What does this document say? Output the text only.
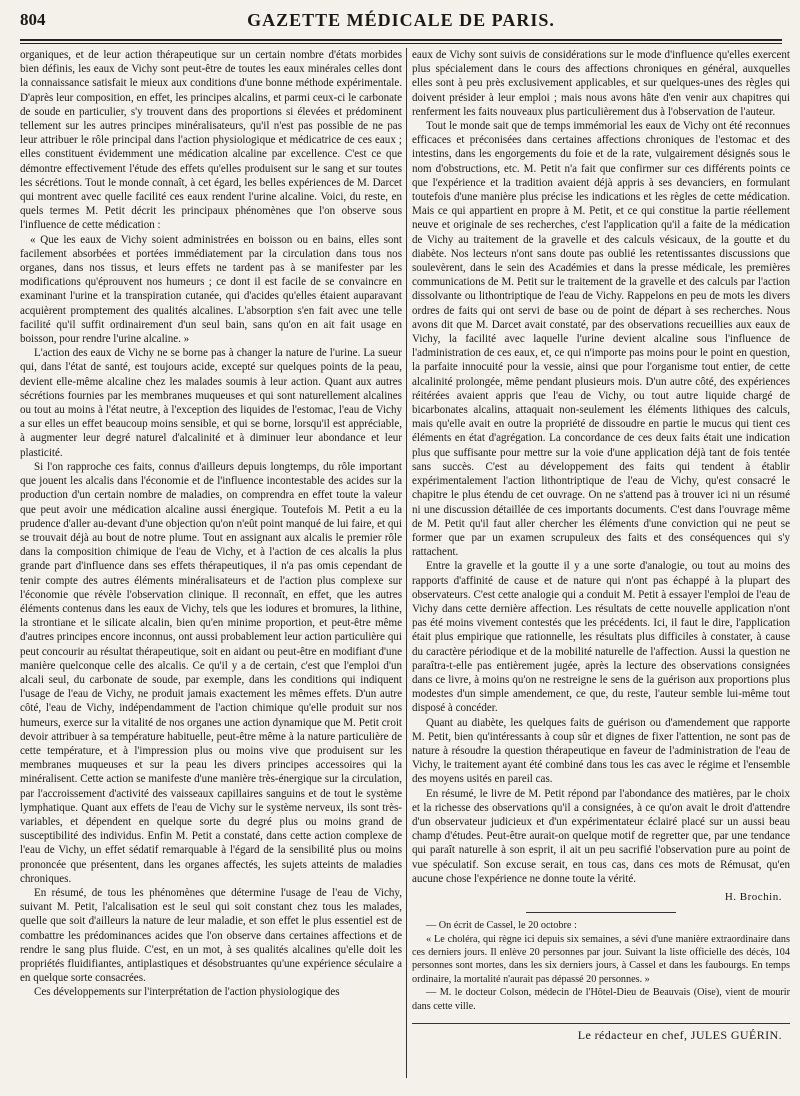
804	GAZETTE MÉDICALE DE PARIS.

organiques, et de leur action thérapeutique sur un certain nombre d'états morbides bien définis, les eaux de Vichy sont peut-être de toutes les eaux minérales celles dont la connaissance satisfait le mieux aux conditions d'une bonne méthode expérimentale. D'après leur composition, en effet, les principes alcalins, et parmi ceux-ci le carbonate de soude en particulier, s'y trouvent dans des proportions si élevées et prédominent tellement sur les autres principes minéralisateurs, qu'il n'est pas possible de ne pas leur attribuer le rôle principal dans l'action physiologique et médicatrice de ces eaux ; elles constituent évidemment une médication alcaline par excellence. C'est ce que démontre effectivement l'étude des effets qu'elles produisent sur le sang et sur toutes les sécrétions. Tout le monde connaît, à cet égard, les belles expériences de M. Darcet qui montrent avec quelle facilité ces eaux rendent l'urine alcaline. Voici, du reste, en quels termes M. Petit décrit les principaux phénomènes que l'on observe sous l'influence de cette médication :

« Que les eaux de Vichy soient administrées en boisson ou en bains, elles sont facilement absorbées et portées immédiatement par la circulation dans tous nos organes, dans nos tissus, et leurs effets ne tardent pas à se manifester par les modifications qu'éprouvent nos humeurs ; ce dont il est facile de se convaincre en examinant l'urine et la transpiration cutanée, qui d'acides qu'elles étaient auparavant acquièrent promptement des qualités alcalines. L'absorption s'en fait avec une telle facilité qu'il suffit ordinairement d'un seul bain, sans qu'on en ait fait usage en boisson, pour rendre l'urine alcaline. »

L'action des eaux de Vichy ne se borne pas à changer la nature de l'urine. La sueur qui, dans l'état de santé, est toujours acide, excepté sur quelques points de la peau, devient elle-même alcaline chez les malades soumis à leur action. Quant aux autres sécrétions fournies par les membranes muqueuses et qui sont naturellement alcalines ou tout au moins à l'état neutre, à l'exception des liquides de l'estomac, l'eau de Vichy a sur elles un effet beaucoup moins sensible, et qui se borne, lorsqu'il est appréciable, à augmenter leur degré naturel d'alcalinité et à diminuer leur abondance et leur plasticité.

Si l'on rapproche ces faits, connus d'ailleurs depuis longtemps, du rôle important que jouent les alcalis dans l'économie et de l'influence incontestable des acides sur la production d'un certain nombre de maladies, on comprendra en effet toute la valeur que peut avoir une médication alcaline aussi énergique. Toutefois M. Petit a eu la prudence d'aller au-devant d'une objection qu'on n'eût point manqué de lui faire, et qui se trouvait déjà au bout de notre plume. Tout en assignant aux alcalis le premier rôle dans la composition chimique de l'eau de Vichy, et à l'action de ces alcalis la plus grande part d'influence dans ses effets thérapeutiques, il n'a pas omis cependant de tenir compte des autres éléments minéralisateurs et de l'action plus complexe sur l'économie que révèle l'observation clinique. Il reconnaît, en effet, que les autres éléments contenus dans les eaux de Vichy, tels que les iodures et bromures, la lithine, la strontiane et le silicate alcalin, bien qu'en minime proportion, et peut-être même d'autres principes encore inconnus, ont aussi probablement leur action particulière qui peut concourir au résultat thérapeutique, soit en aidant ou peut-être en modifiant d'une manière quelconque celle des alcalis. Ce qu'il y a de certain, c'est que l'emploi d'un alcali seul, du carbonate de soude, par exemple, dans les conditions qui indiquent l'usage de l'eau de Vichy, ne produit jamais exactement les mêmes effets. D'un autre côté, l'eau de Vichy, indépendamment de l'action chimique qu'elle produit sur nos humeurs, exerce sur la vitalité de nos organes une action dynamique que M. Petit croit devoir attribuer à sa température habituelle, peut-être même à la nature particulière de cette température, et à l'impression plus ou moins vive que produisent sur les membranes muqueuses et sur la peau les divers principes accessoires qui la minéralisent. Cette action se manifeste d'une manière très-énergique sur la circulation, par l'accroissement d'activité des vaisseaux capillaires sanguins et de tout le système lymphatique. Quant aux effets de l'eau de Vichy sur le système nerveux, ils sont très-variables, et dépendent en quelque sorte du degré plus ou moins grand de susceptibilité des individus. Enfin M. Petit a constaté, dans cette action complexe de l'eau de Vichy, un effet sédatif remarquable à l'égard de la sensibilité plus ou moins prononcée que présentent, dans les organes affectés, les sujets atteints de maladies chroniques.

En résumé, de tous les phénomènes que détermine l'usage de l'eau de Vichy, suivant M. Petit, l'alcalisation est le seul qui soit constant chez tous les malades, quelle que soit d'ailleurs la nature de leur maladie, et son effet le plus essentiel est de combattre les prédominances acides que l'on observe dans certaines affections et de rendre le sang plus fluide. C'est, en un mot, à ses qualités alcalines qu'elle doit les propriétés fluidifiantes, antiplastiques et désobstruantes qu'une expérience séculaire a en quelque sorte consacrées.

Ces développements sur l'interprétation de l'action physiologique des

eaux de Vichy sont suivis de considérations sur le mode d'influence qu'elles exercent plus spécialement dans le cours des affections chroniques en général, auxquelles elles sont à peu près exclusivement applicables, et sur quelques-unes des règles qui doivent présider à leur emploi ; mais nous avons hâte d'en venir aux chapitres qui renferment les faits nouveaux plus particulièrement dus à l'observation de l'auteur.

Tout le monde sait que de temps immémorial les eaux de Vichy ont été reconnues efficaces et préconisées dans certaines affections chroniques de l'estomac et des intestins, dans les engorgements du foie et de la rate, vulgairement désignés sous le nom d'obstructions, etc. M. Petit n'a fait que confirmer sur ces différents points ce que l'expérience et la tradition avaient déjà appris à ses devanciers, en formulant toutefois d'une manière plus précise les indications et les règles de cette médication. Mais ce qui appartient en propre à M. Petit, et ce qui constitue la partie réellement neuve et originale de ses recherches, c'est l'application qu'il a faite de la médication de Vichy au traitement de la gravelle et des calculs vésicaux, de la goutte et du diabète. Nos lecteurs n'ont sans doute pas oublié les retentissantes discussions que soulevèrent, dans le sein des Académies et dans la presse médicale, les premières communications de M. Petit sur le traitement de la gravelle et des calculs par l'action dissolvante ou lithontriptique de l'eau de Vichy. Rappelons en peu de mots les divers ordres de faits qui ont servi de base ou de point de départ à ses recherches. Nous avons dit que M. Darcet avait constaté, par des observations recueillies aux eaux de Vichy, la facilité avec laquelle l'urine devient alcaline sous l'influence de l'administration de ces eaux, et, ce qui n'importe pas moins pour le point en question, la parfaite innocuité pour la vessie, ainsi que pour l'organisme tout entier, de cette alcalinité prolongée, même pendant plusieurs mois. D'un autre côté, des expériences réitérées avaient appris que l'eau de Vichy, ou tout autre liquide chargé de bicarbonates alcalins, attaquait non-seulement les éléments lithiques des calculs, mais qu'elle avait en outre la propriété de dissoudre en partie le mucus qui tient ces éléments en état d'agrégation. La concordance de ces deux faits était une indication plus que suffisante pour mettre sur la voie d'une application déjà tant de fois tentée sans succès. C'est au développement des faits qui tendent à établir expérimentalement l'action lithontriptique de l'eau de Vichy, qu'est consacré le chapitre le plus étendu de cet ouvrage. On ne s'attend pas à trouver ici ni un résumé ni une discussion détaillée de ces importants documents. C'est dans l'ouvrage même de M. Petit qu'il faut aller chercher les éléments d'une conviction qui ne peut se former que par un examen scrupuleux des faits et des conséquences qui s'y rattachent.

Entre la gravelle et la goutte il y a une sorte d'analogie, ou tout au moins des rapports d'affinité de cause et de nature qui n'ont pas échappé à la plupart des observateurs. C'est cette analogie qui a conduit M. Petit à essayer l'emploi de l'eau de Vichy dans cette dernière affection. Les résultats de cette nouvelle application n'ont pas été moins vivement contestés que les précédents. Ici, il faut le dire, l'application était plus empirique que rationnelle, les résultats plus difficiles à constater, à cause du caractère périodique et de la mobilité naturelle de l'affection. Aussi la question ne paraîtra-t-elle pas entièrement jugée, après la lecture des observations consignées dans ce livre, à moins qu'on ne restreigne le sens de la guérison aux proportions plus modestes d'un simple amendement, ce que, du reste, l'auteur semble lui-même tout disposé à concéder.

Quant au diabète, les quelques faits de guérison ou d'amendement que rapporte M. Petit, bien qu'intéressants à coup sûr et dignes de fixer l'attention, ne sont pas de nature à résoudre la question thérapeutique en faveur de l'administration de l'eau de Vichy, le traitement ayant été combiné dans tous les cas avec le régime et l'ensemble des moyens usités en pareil cas.

En résumé, le livre de M. Petit répond par l'abondance des matières, par le choix et la richesse des observations qu'il a consignées, à ce qu'on avait le droit d'attendre d'un observateur judicieux et d'un expérimentateur éclairé placé sur un aussi beau champ d'études. Peut-être aurait-on quelque motif de regretter que, par une tendance qui paraît naturelle à son esprit, il ait un peu sacrifié l'observation pure au point de vue spéculatif. Son excuse serait, en tous cas, dans ces mots de Rémusat, qu'en aucune chose l'expérience ne donne toute la vérité.

H. Brochin.

— On écrit de Cassel, le 20 octobre :

« Le choléra, qui règne ici depuis six semaines, a sévi d'une manière extraordinaire dans ces derniers jours. Il enlève 20 personnes par jour. Suivant la liste officielle des décès, 104 personnes sont mortes, dans les six derniers jours, à Cassel et dans les faubourgs. En temps ordinaire, la mortalité n'aurait pas dépassé 20 personnes. »

— M. le docteur Colson, médecin de l'Hôtel-Dieu de Beauvais (Oise), vient de mourir dans cette ville.

Le rédacteur en chef, JULES GUÉRIN.
